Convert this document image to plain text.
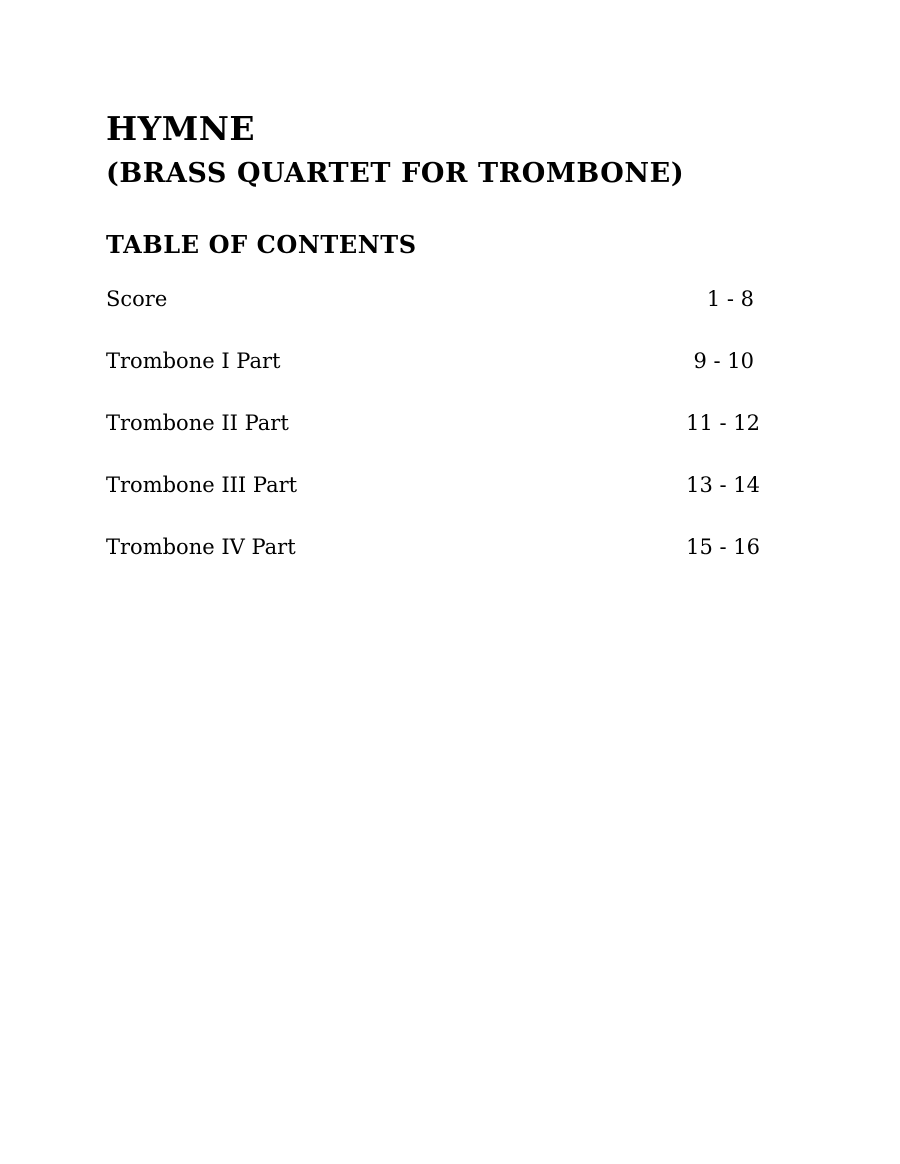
HYMNE
(BRASS QUARTET FOR TROMBONE)
TABLE OF CONTENTS
Score	1 - 8
Trombone I Part	9 - 10
Trombone II Part	11 - 12
Trombone III Part	13 - 14
Trombone IV Part	15 - 16
